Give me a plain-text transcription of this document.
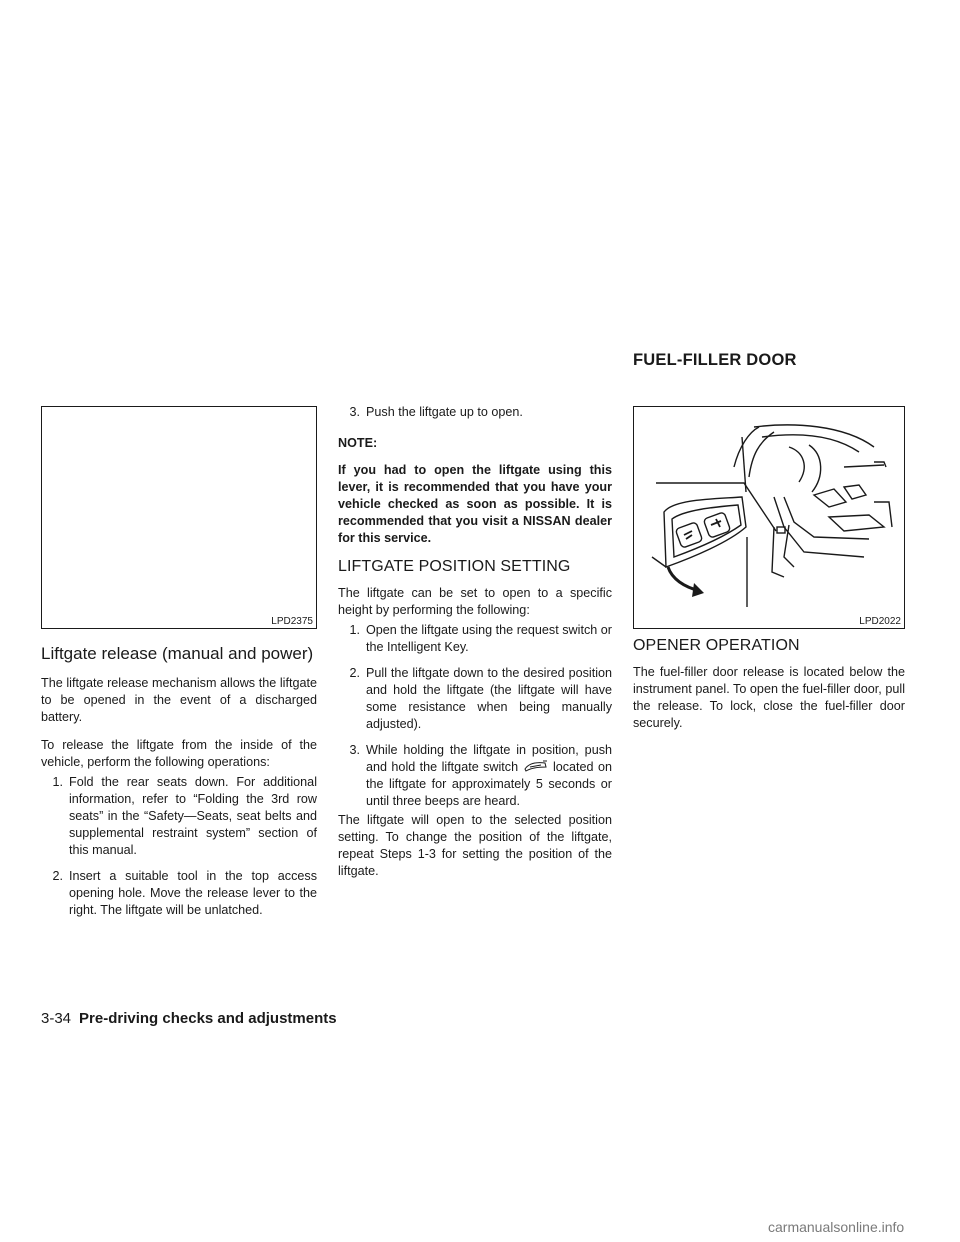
FUEL-FILLER DOOR
LPD2375	LPD2022
Liftgate release (manual and power)

The liftgate release mechanism allows the liftgate to be opened in the event of a discharged battery.

To release the liftgate from the inside of the vehicle, perform the following operations:

1. Fold the rear seats down. For additional information, refer to “Folding the 3rd row seats” in the “Safety—Seats, seat belts and supplemental restraint system” section of this manual.
2. Insert a suitable tool in the top access opening hole. Move the release lever to the right. The liftgate will be unlatched.
3. Push the liftgate up to open.

NOTE:

If you had to open the liftgate using this lever, it is recommended that you have your vehicle checked as soon as possible. It is recommended that you visit a NISSAN dealer for this service.

LIFTGATE POSITION SETTING

The liftgate can be set to open to a specific height by performing the following:

1. Open the liftgate using the request switch or the Intelligent Key.
2. Pull the liftgate down to the desired position and hold the liftgate (the liftgate will have some resistance when being manually adjusted).
3. While holding the liftgate in position, push and hold the liftgate switch	located on the liftgate for approximately 5 seconds or until three beeps are heard.

The liftgate will open to the selected position setting. To change the position of the liftgate, repeat Steps 1-3 for setting the position of the liftgate.

OPENER OPERATION

The fuel-filler door release is located below the instrument panel. To open the fuel-filler door, pull the release. To lock, close the fuel-filler door securely.

3-34 Pre-driving checks and adjustments
carmanualsonline.info
